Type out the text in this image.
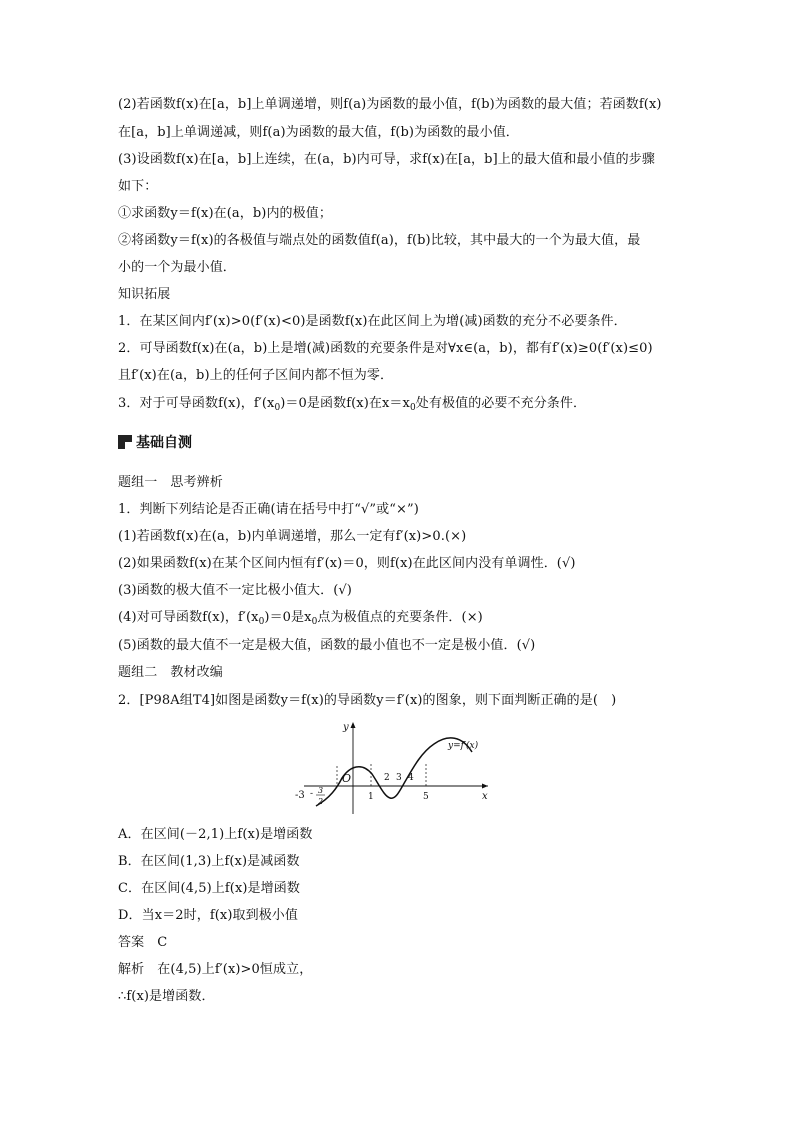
(2)若函数f(x)在[a，b]上单调递增，则f(a)为函数的最小值，f(b)为函数的最大值；若函数f(x)
在[a，b]上单调递减，则f(a)为函数的最大值，f(b)为函数的最小值．
(3)设函数f(x)在[a，b]上连续，在(a，b)内可导，求f(x)在[a，b]上的最大值和最小值的步骤
如下：
①求函数y＝f(x)在(a，b)内的极值；
②将函数y＝f(x)的各极值与端点处的函数值f(a)，f(b)比较，其中最大的一个为最大值，最
小的一个为最小值．
知识拓展
1．在某区间内f′(x)>0(f′(x)<0)是函数f(x)在此区间上为增(减)函数的充分不必要条件．
2．可导函数f(x)在(a，b)上是增(减)函数的充要条件是对∀x∈(a，b)，都有f′(x)≥0(f′(x)≤0)
且f′(x)在(a，b)上的任何子区间内都不恒为零．
3．对于可导函数f(x)，$f'(x_0)=0$是函数f(x)在$x=x_0$处有极值的必要不充分条件．
基础自测
题组一　思考辨析
1．判断下列结论是否正确(请在括号中打“√”或“×”)
(1)若函数f(x)在(a，b)内单调递增，那么一定有f′(x)>0.(×)
(2)如果函数f(x)在某个区间内恒有f′(x)＝0，则f(x)在此区间内没有单调性．(√)
(3)函数的极大值不一定比极小值大．(√)
(4)对可导函数f(x)，$f'(x_0)=0$是$x_0$点为极值点的充要条件．(×)
(5)函数的最大值不一定是极大值，函数的最小值也不一定是极小值．(√)
题组二　教材改编
2．[P98A组T4]如图是函数y＝f(x)的导函数y＝f′(x)的图象，则下面判断正确的是(　)
-3 - 3
2
O
1
2 3 4
5
y=f′(x)
x
y
A．在区间(－2,1)上f(x)是增函数
B．在区间(1,3)上f(x)是减函数
C．在区间(4,5)上f(x)是增函数
D．当x＝2时，f(x)取到极小值
答案　C
解析　在(4,5)上f′(x)>0恒成立，
∴f(x)是增函数．
